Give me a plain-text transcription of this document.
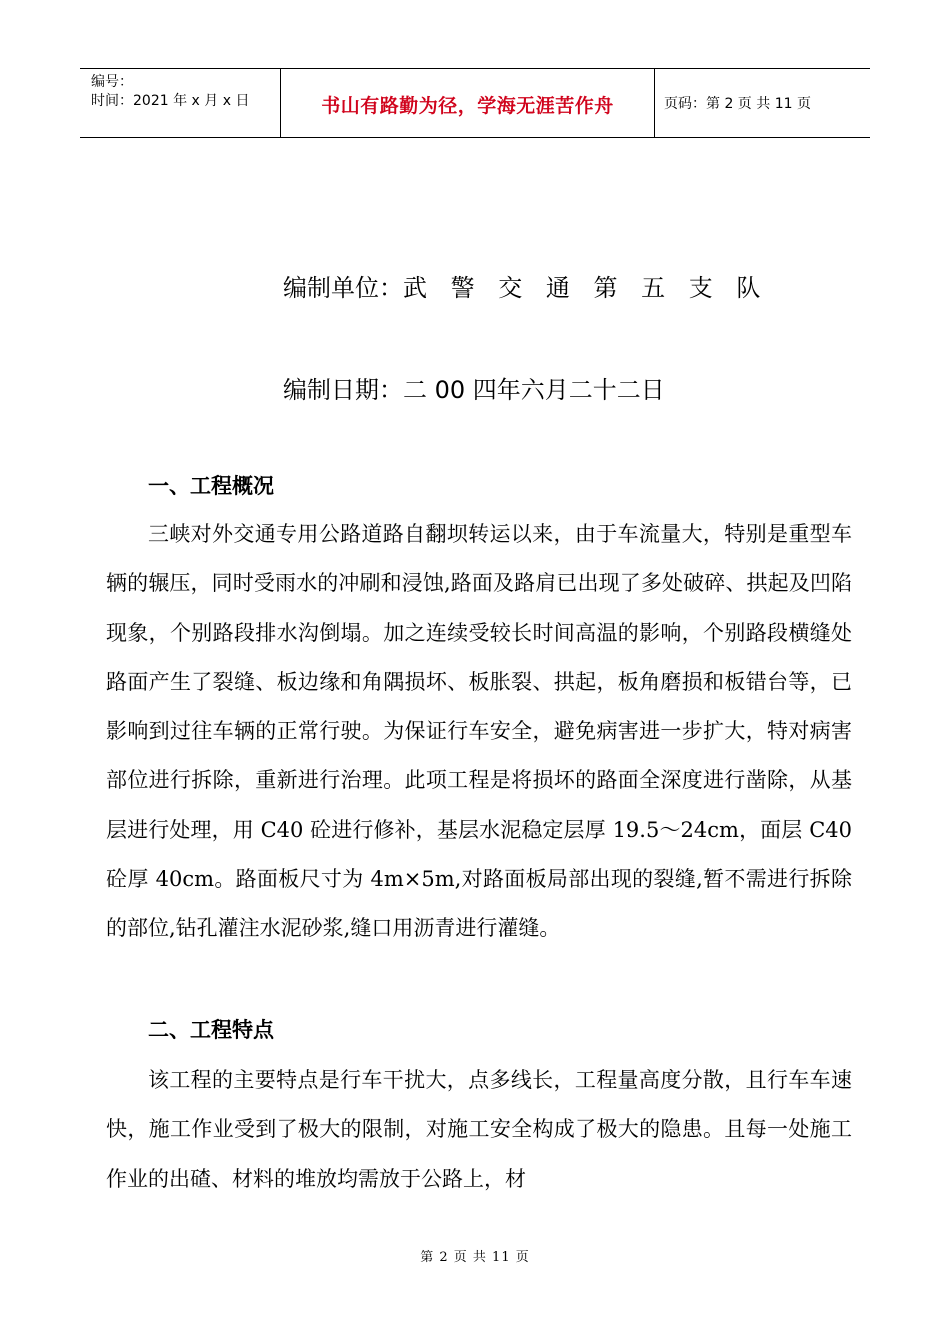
编号：
时间：2021 年 x 月 x 日	书山有路勤为径，学海无涯苦作舟	页码：第 2 页 共 11 页
编制单位：武 警 交 通 第 五 支 队
编制日期：二 00 四年六月二十二日
一、工程概况
三峡对外交通专用公路道路自翻坝转运以来，由于车流量大，特别是重型车辆的辗压，同时受雨水的冲刷和浸蚀,路面及路肩已出现了多处破碎、拱起及凹陷现象，个别路段排水沟倒塌。加之连续受较长时间高温的影响，个别路段横缝处路面产生了裂缝、板边缘和角隅损坏、板胀裂、拱起，板角磨损和板错台等，已影响到过往车辆的正常行驶。为保证行车安全，避免病害进一步扩大，特对病害部位进行拆除，重新进行治理。此项工程是将损坏的路面全深度进行凿除，从基层进行处理，用 C40 砼进行修补，基层水泥稳定层厚 19.5～24cm，面层 C40 砼厚 40cm。路面板尺寸为 4m×5m,对路面板局部出现的裂缝,暂不需进行拆除的部位,钻孔灌注水泥砂浆,缝口用沥青进行灌缝。
二、工程特点
该工程的主要特点是行车干扰大，点多线长，工程量高度分散，且行车车速快，施工作业受到了极大的限制，对施工安全构成了极大的隐患。且每一处施工作业的出碴、材料的堆放均需放于公路上，材
第 2 页 共 11 页
